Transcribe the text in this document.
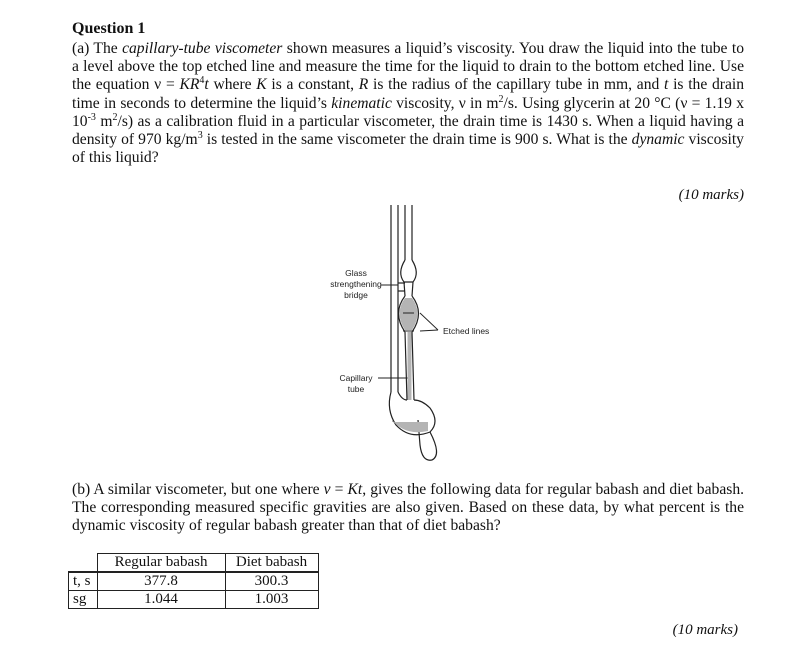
Question 1
(a) The capillary-tube viscometer shown measures a liquid’s viscosity. You draw the liquid into the tube to a level above the top etched line and measure the time for the liquid to drain to the bottom etched line. Use the equation $\nu = KR^4t$ where K is a constant, R is the radius of the capillary tube in mm, and t is the drain time in seconds to determine the liquid’s kinematic viscosity, ν in $m^2/s$. Using glycerin at 20 °C (ν = 1.19 x $10^{-3}$ $m^2/s$) as a calibration fluid in a particular viscometer, the drain time is 1430 s. When a liquid having a density of 970 $kg/m^3$ is tested in the same viscometer the drain time is 900 s. What is the dynamic viscosity of this liquid?
(10 marks)
Glass
strengthening
bridge
Etched lines
Capillary
tube
(b) A similar viscometer, but one where v = Kt, gives the following data for regular babash and diet babash. The corresponding measured specific gravities are also given. Based on these data, by what percent is the dynamic viscosity of regular babash greater than that of diet babash?
	Regular babash	Diet babash
t, s	377.8	300.3
sg	1.044	1.003
(10 marks)
